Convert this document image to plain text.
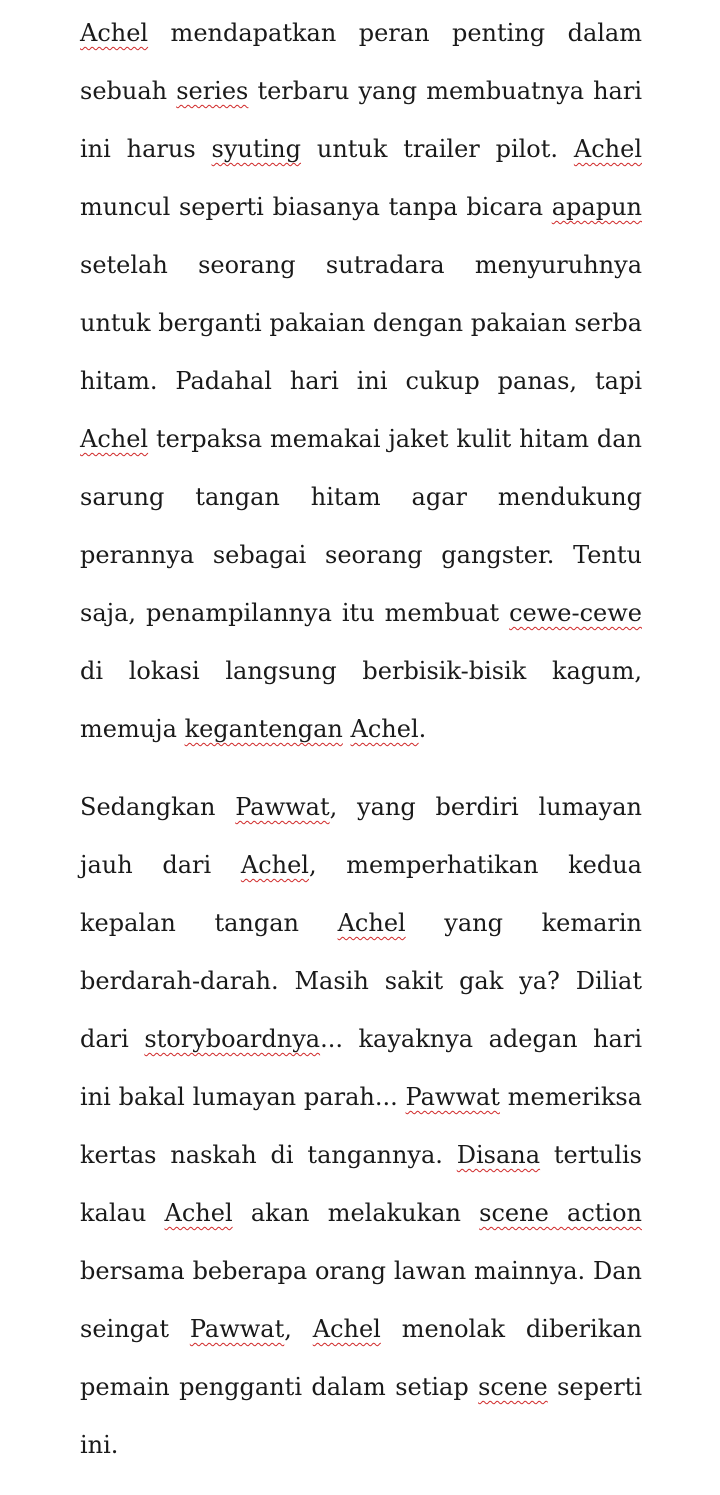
Achel mendapatkan peran penting dalam sebuah series terbaru yang membuatnya hari ini harus syuting untuk trailer pilot. Achel muncul seperti biasanya tanpa bicara apapun setelah seorang sutradara menyuruhnya untuk berganti pakaian dengan pakaian serba hitam. Padahal hari ini cukup panas, tapi Achel terpaksa memakai jaket kulit hitam dan sarung tangan hitam agar mendukung perannya sebagai seorang gangster. Tentu saja, penampilannya itu membuat cewe-cewe di lokasi langsung berbisik-bisik kagum, memuja kegantengan Achel.

Sedangkan Pawwat, yang berdiri lumayan jauh dari Achel, memperhatikan kedua kepalan tangan Achel yang kemarin berdarah-darah. Masih sakit gak ya? Diliat dari storyboardnya... kayaknya adegan hari ini bakal lumayan parah... Pawwat memeriksa kertas naskah di tangannya. Disana tertulis kalau Achel akan melakukan scene action bersama beberapa orang lawan mainnya. Dan seingat Pawwat, Achel menolak diberikan pemain pengganti dalam setiap scene seperti ini.
